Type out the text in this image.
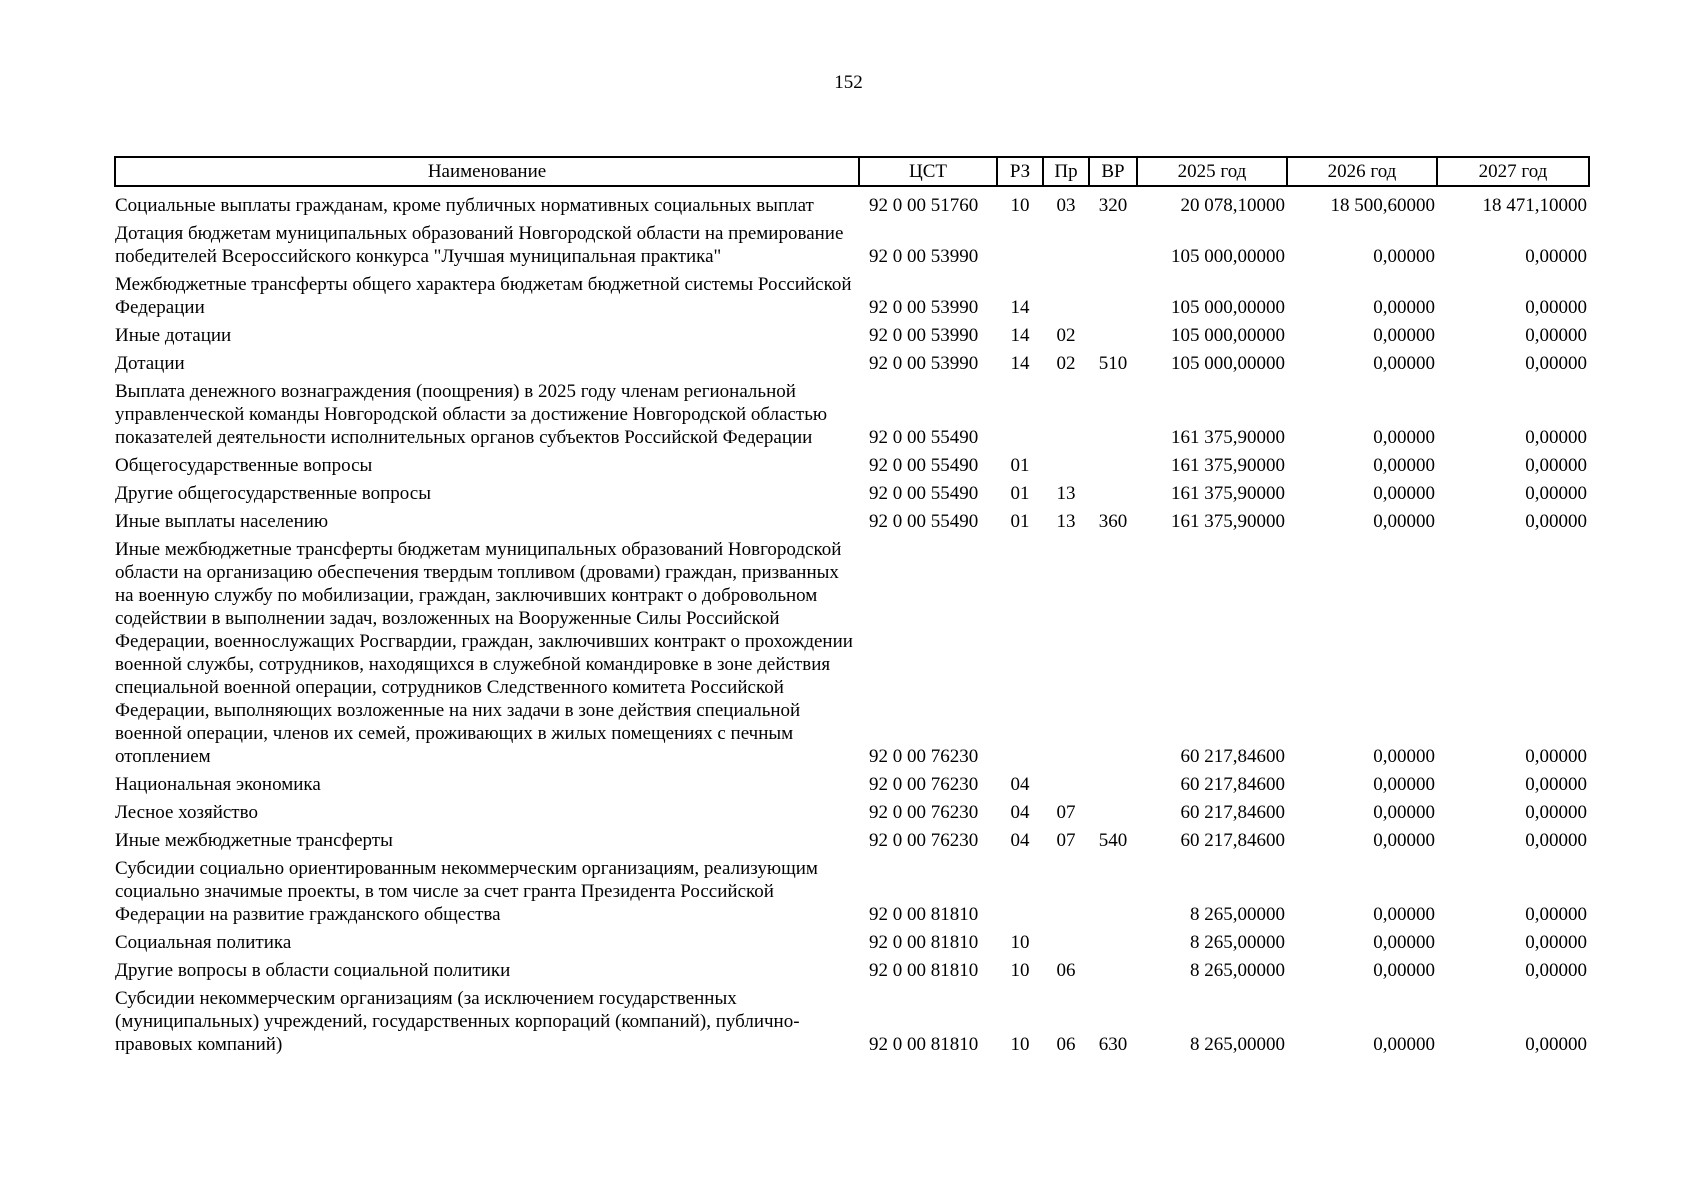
152
Наименование	ЦСТ	РЗ	Пр	ВР	2025 год	2026 год	2027 год
Социальные выплаты гражданам, кроме публичных нормативных социальных выплат	92 0 00 51760	10	03	320	20 078,10000	18 500,60000	18 471,10000
Дотация бюджетам муниципальных образований Новгородской области на премирование победителей Всероссийского конкурса "Лучшая муниципальная практика"	92 0 00 53990				105 000,00000	0,00000	0,00000
Межбюджетные трансферты общего характера бюджетам бюджетной системы Российской Федерации	92 0 00 53990	14			105 000,00000	0,00000	0,00000
Иные дотации	92 0 00 53990	14	02		105 000,00000	0,00000	0,00000
Дотации	92 0 00 53990	14	02	510	105 000,00000	0,00000	0,00000
Выплата денежного вознаграждения (поощрения) в 2025 году членам региональной управленческой команды Новгородской области за достижение Новгородской областью показателей деятельности исполнительных органов субъектов Российской Федерации	92 0 00 55490				161 375,90000	0,00000	0,00000
Общегосударственные вопросы	92 0 00 55490	01			161 375,90000	0,00000	0,00000
Другие общегосударственные вопросы	92 0 00 55490	01	13		161 375,90000	0,00000	0,00000
Иные выплаты населению	92 0 00 55490	01	13	360	161 375,90000	0,00000	0,00000
Иные межбюджетные трансферты бюджетам муниципальных образований Новгородской области на организацию обеспечения твердым топливом (дровами) граждан, призванных на военную службу по мобилизации, граждан, заключивших контракт о добровольном содействии в выполнении задач, возложенных на Вооруженные Силы Российской Федерации, военнослужащих Росгвардии, граждан, заключивших контракт о прохождении военной службы, сотрудников, находящихся в служебной командировке в зоне действия специальной военной операции, сотрудников Следственного комитета Российской Федерации, выполняющих возложенные на них задачи в зоне действия специальной военной операции, членов их семей, проживающих в жилых помещениях с печным отоплением	92 0 00 76230				60 217,84600	0,00000	0,00000
Национальная экономика	92 0 00 76230	04			60 217,84600	0,00000	0,00000
Лесное хозяйство	92 0 00 76230	04	07		60 217,84600	0,00000	0,00000
Иные межбюджетные трансферты	92 0 00 76230	04	07	540	60 217,84600	0,00000	0,00000
Субсидии социально ориентированным некоммерческим организациям, реализующим социально значимые проекты, в том числе за счет гранта Президента Российской Федерации на развитие гражданского общества	92 0 00 81810				8 265,00000	0,00000	0,00000
Социальная политика	92 0 00 81810	10			8 265,00000	0,00000	0,00000
Другие вопросы в области социальной политики	92 0 00 81810	10	06		8 265,00000	0,00000	0,00000
Субсидии некоммерческим организациям (за исключением государственных (муниципальных) учреждений, государственных корпораций (компаний), публично-правовых компаний)	92 0 00 81810	10	06	630	8 265,00000	0,00000	0,00000
